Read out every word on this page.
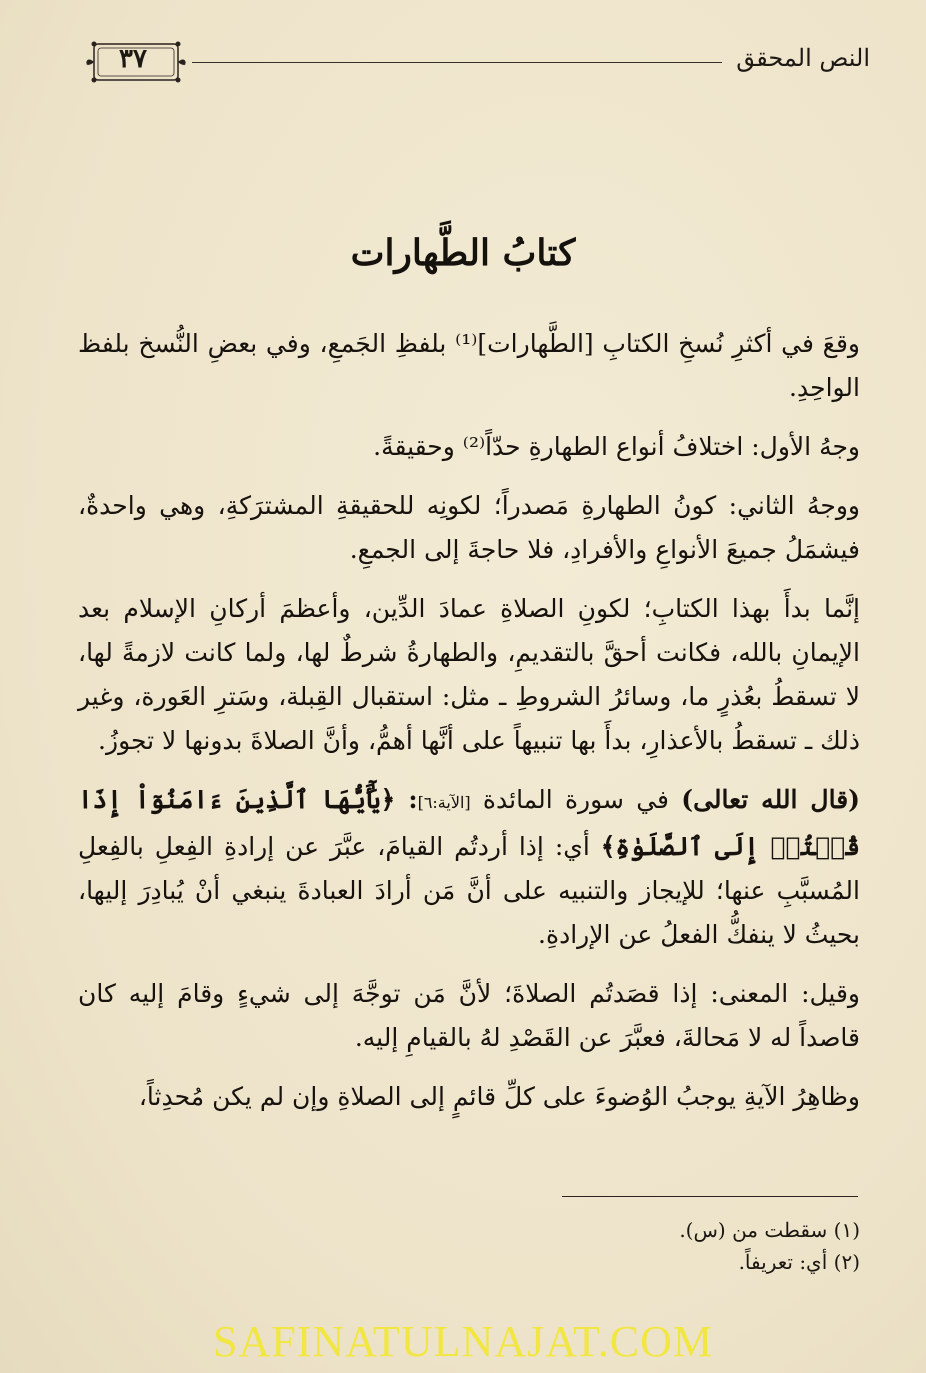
٣٧	النص المحقق
كتابُ الطَّهارات

وقعَ في أكثرِ نُسخِ الكتابِ [الطَّهارات]⁽¹⁾ بلفظِ الجَمعِ، وفي بعضِ النُّسخ بلفظ الواحِدِ.

وجهُ الأول: اختلافُ أنواع الطهارةِ حدّاً⁽²⁾ وحقيقةً.

ووجهُ الثاني: كونُ الطهارةِ مَصدراً؛ لكونِه للحقيقةِ المشترَكةِ، وهي واحدةٌ، فيشمَلُ جميعَ الأنواعِ والأفرادِ، فلا حاجةَ إلى الجمعِ.

إنَّما بدأَ بهذا الكتابِ؛ لكونِ الصلاةِ عمادَ الدِّين، وأعظمَ أركانِ الإسلام بعد الإيمانِ بالله، فكانت أحقَّ بالتقديمِ، والطهارةُ شرطٌ لها، ولما كانت لازمةً لها، لا تسقطُ بعُذرٍ ما، وسائرُ الشروطِ ـ مثل: استقبال القِبلة، وسَترِ العَورة، وغير ذلك ـ تسقطُ بالأعذارِ، بدأَ بها تنبيهاً على أنَّها أهمُّ، وأنَّ الصلاةَ بدونها لا تجوزُ.

(قال الله تعالى) في سورة المائدة [الآية:٦]: ﴿يَٰٓأَيُّهَا ٱلَّذِينَ ءَامَنُوٓاْ إِذَا قُمۡتُمۡ إِلَى ٱلصَّلَوٰةِ﴾ أي: إذا أردتُم القيامَ، عبَّرَ عن إرادةِ الفِعلِ بالفِعلِ المُسبَّبِ عنها؛ للإيجاز والتنبيه على أنَّ مَن أرادَ العبادةَ ينبغي أنْ يُبادِرَ إليها، بحيثُ لا ينفكُّ الفعلُ عن الإرادةِ.

وقيل: المعنى: إذا قصَدتُم الصلاةَ؛ لأنَّ مَن توجَّهَ إلى شيءٍ وقامَ إليه كان قاصداً له لا مَحالةَ، فعبَّرَ عن القَصْدِ لهُ بالقيامِ إليه.

وظاهِرُ الآيةِ يوجبُ الوُضوءَ على كلِّ قائمٍ إلى الصلاةِ وإن لم يكن مُحدِثاً،

(١) سقطت من (س).
(٢) أي: تعريفاً.
SAFINATULNAJAT.COM
